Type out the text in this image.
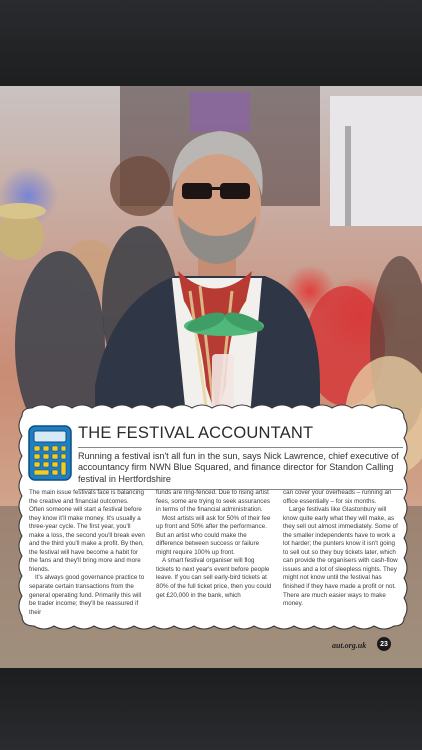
THE FESTIVAL ACCOUNTANT
Running a festival isn't all fun in the sun, says Nick Lawrence, chief executive of accountancy firm NWN Blue Squared, and finance director for Standon Calling festival in Hertfordshire

The main issue festivals face is balancing the creative and financial outcomes. Often someone will start a festival before they know it'll make money. It's usually a three-year cycle. The first year, you'll make a loss, the second you'll break even and the third you'll make a profit. By then, the festival will have become a habit for the fans and they'll bring more and more friends.

It's always good governance practice to separate certain transactions from the general operating fund. Primarily this will be trader income; they'll be reassured if their

funds are ring-fenced. Due to rising artist fees, some are trying to seek assurances in terms of the financial administration.

Most artists will ask for 50% of their fee up front and 50% after the performance. But an artist who could make the difference between success or failure might require 100% up front.

A smart festival organiser will flog tickets to next year's event before people leave. If you can sell early-bird tickets at 80% of the full ticket price, then you could get £20,000 in the bank, which

can cover your overheads – running an office essentially – for six months.

Large festivals like Glastonbury will know quite early what they will make, as they sell out almost immediately. Some of the smaller independents have to work a lot harder; the punters know it isn't going to sell out so they buy tickets later, which can provide the organisers with cash-flow issues and a lot of sleepless nights. They might not know until the festival has finished if they have made a profit or not. There are much easier ways to make money.

aut.org.uk	23
